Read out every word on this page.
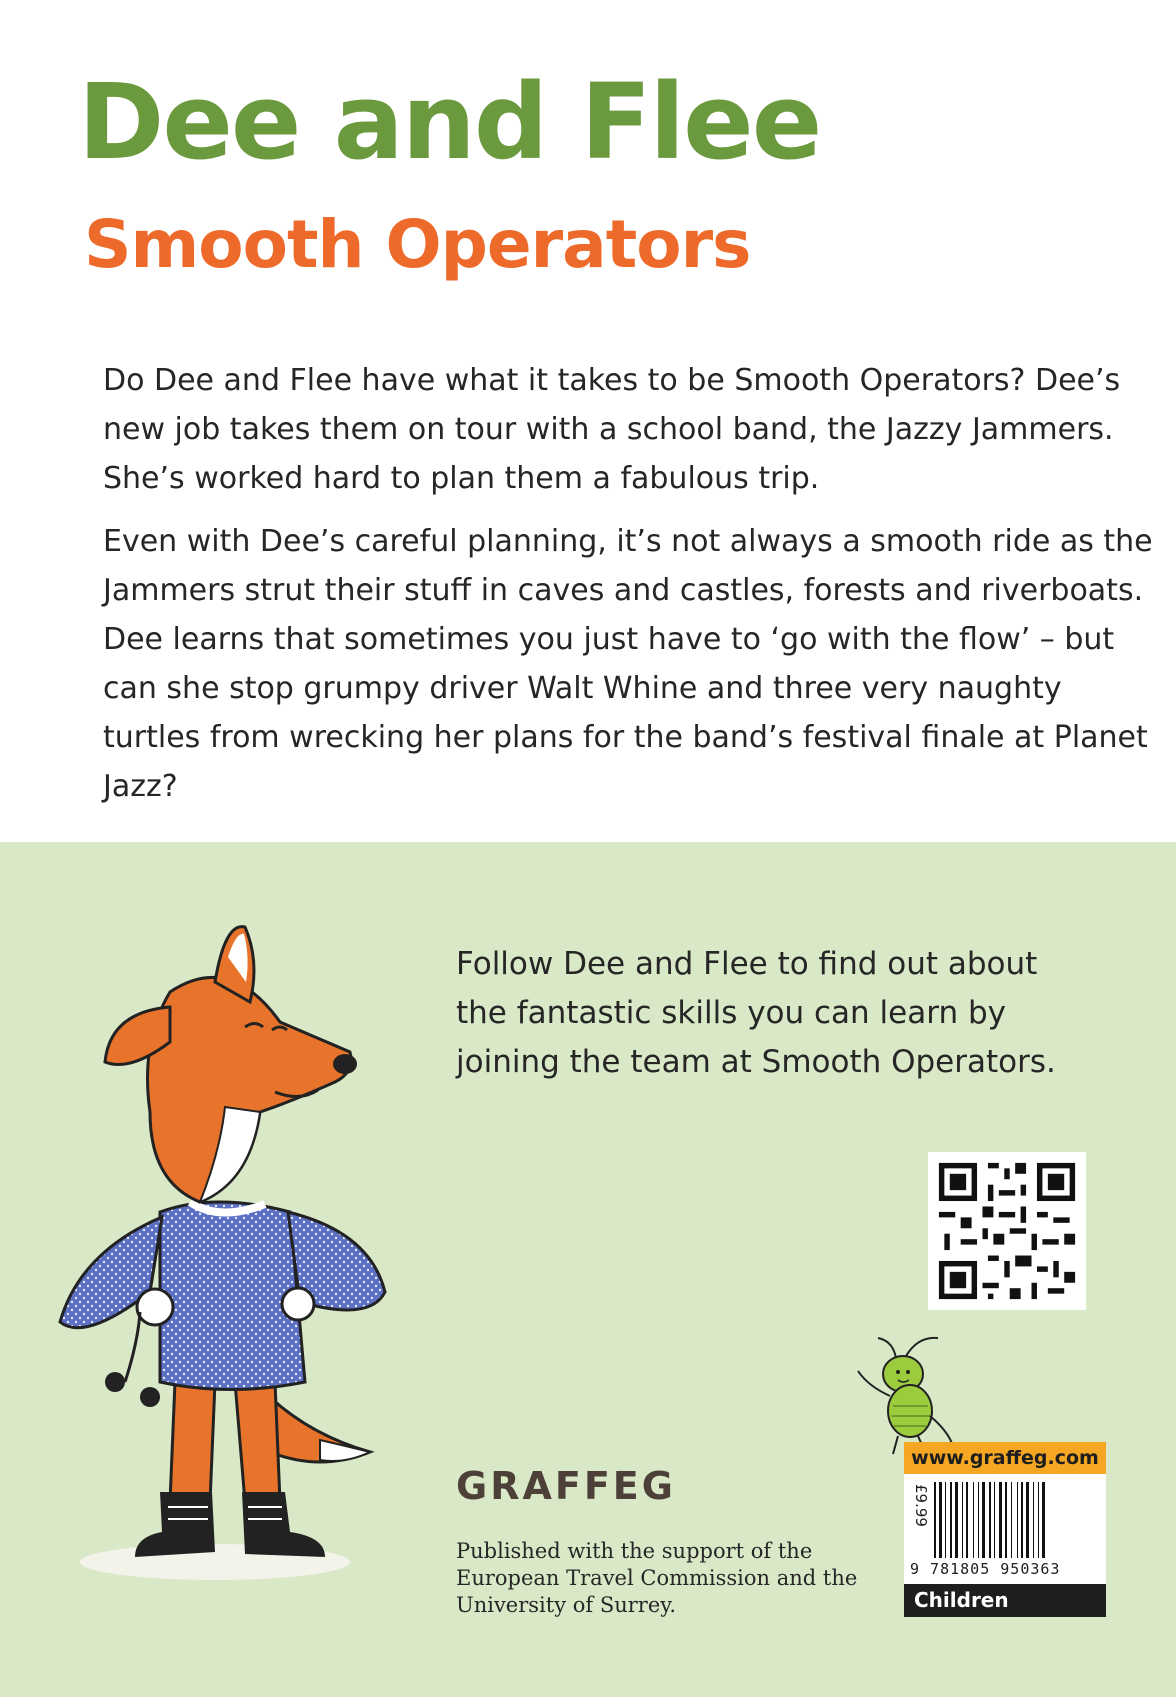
Dee and Flee
Smooth Operators

Do Dee and Flee have what it takes to be Smooth Operators? Dee’s new job takes them on tour with a school band, the Jazzy Jammers. She’s worked hard to plan them a fabulous trip.

Even with Dee’s careful planning, it’s not always a smooth ride as the Jammers strut their stuff in caves and castles, forests and riverboats. Dee learns that sometimes you just have to ‘go with the flow’ – but can she stop grumpy driver Walt Whine and three very naughty turtles from wrecking her plans for the band’s festival finale at Planet Jazz?

Follow Dee and Flee to find out about the fantastic skills you can learn by joining the team at Smooth Operators.
GRAFFEG
Published with the support of the European Travel Commission and the University of Surrey.
www.graffeg.com
£9.99
9 781805 950363
Children
